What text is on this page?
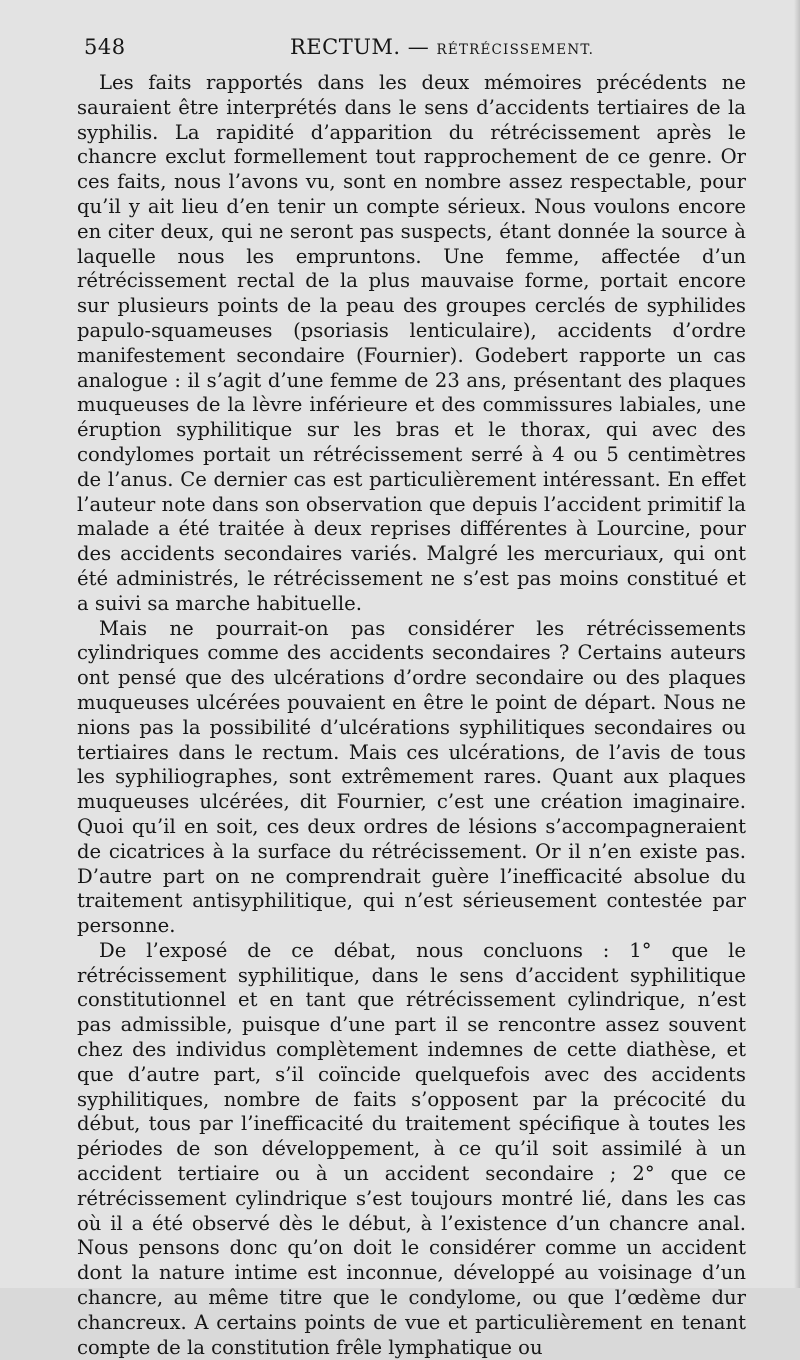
548	RECTUM. — RÉTRÉCISSEMENT.

Les faits rapportés dans les deux mémoires précédents ne sauraient être interprétés dans le sens d’accidents tertiaires de la syphilis. La rapidité d’apparition du rétrécissement après le chancre exclut formellement tout rapprochement de ce genre. Or ces faits, nous l’avons vu, sont en nombre assez respectable, pour qu’il y ait lieu d’en tenir un compte sérieux. Nous voulons encore en citer deux, qui ne seront pas suspects, étant donnée la source à laquelle nous les empruntons. Une femme, affectée d’un rétrécissement rectal de la plus mauvaise forme, portait encore sur plusieurs points de la peau des groupes cerclés de syphilides papulo-squameuses (psoriasis lenticulaire), accidents d’ordre manifestement secondaire (Fournier). Godebert rapporte un cas analogue : il s’agit d’une femme de 23 ans, présentant des plaques muqueuses de la lèvre inférieure et des commissures labiales, une éruption syphilitique sur les bras et le thorax, qui avec des condylomes portait un rétrécissement serré à 4 ou 5 centimètres de l’anus. Ce dernier cas est particulièrement intéressant. En effet l’auteur note dans son observation que depuis l’accident primitif la malade a été traitée à deux reprises différentes à Lourcine, pour des accidents secondaires variés. Malgré les mercuriaux, qui ont été administrés, le rétrécissement ne s’est pas moins constitué et a suivi sa marche habituelle.

Mais ne pourrait-on pas considérer les rétrécissements cylindriques comme des accidents secondaires ? Certains auteurs ont pensé que des ulcérations d’ordre secondaire ou des plaques muqueuses ulcérées pouvaient en être le point de départ. Nous ne nions pas la possibilité d’ulcérations syphilitiques secondaires ou tertiaires dans le rectum. Mais ces ulcérations, de l’avis de tous les syphiliographes, sont extrêmement rares. Quant aux plaques muqueuses ulcérées, dit Fournier, c’est une création imaginaire. Quoi qu’il en soit, ces deux ordres de lésions s’accompagneraient de cicatrices à la surface du rétrécissement. Or il n’en existe pas. D’autre part on ne comprendrait guère l’inefficacité absolue du traitement antisyphilitique, qui n’est sérieusement contestée par personne.

De l’exposé de ce débat, nous concluons : 1° que le rétrécissement syphilitique, dans le sens d’accident syphilitique constitutionnel et en tant que rétrécissement cylindrique, n’est pas admissible, puisque d’une part il se rencontre assez souvent chez des individus complètement indemnes de cette diathèse, et que d’autre part, s’il coïncide quelquefois avec des accidents syphilitiques, nombre de faits s’opposent par la précocité du début, tous par l’inefficacité du traitement spécifique à toutes les périodes de son développement, à ce qu’il soit assimilé à un accident tertiaire ou à un accident secondaire ; 2° que ce rétrécissement cylindrique s’est toujours montré lié, dans les cas où il a été observé dès le début, à l’existence d’un chancre anal. Nous pensons donc qu’on doit le considérer comme un accident dont la nature intime est inconnue, développé au voisinage d’un chancre, au même titre que le condylome, ou que l’œdème dur chancreux. A certains points de vue et particulièrement en tenant compte de la constitution frêle lymphatique ou
